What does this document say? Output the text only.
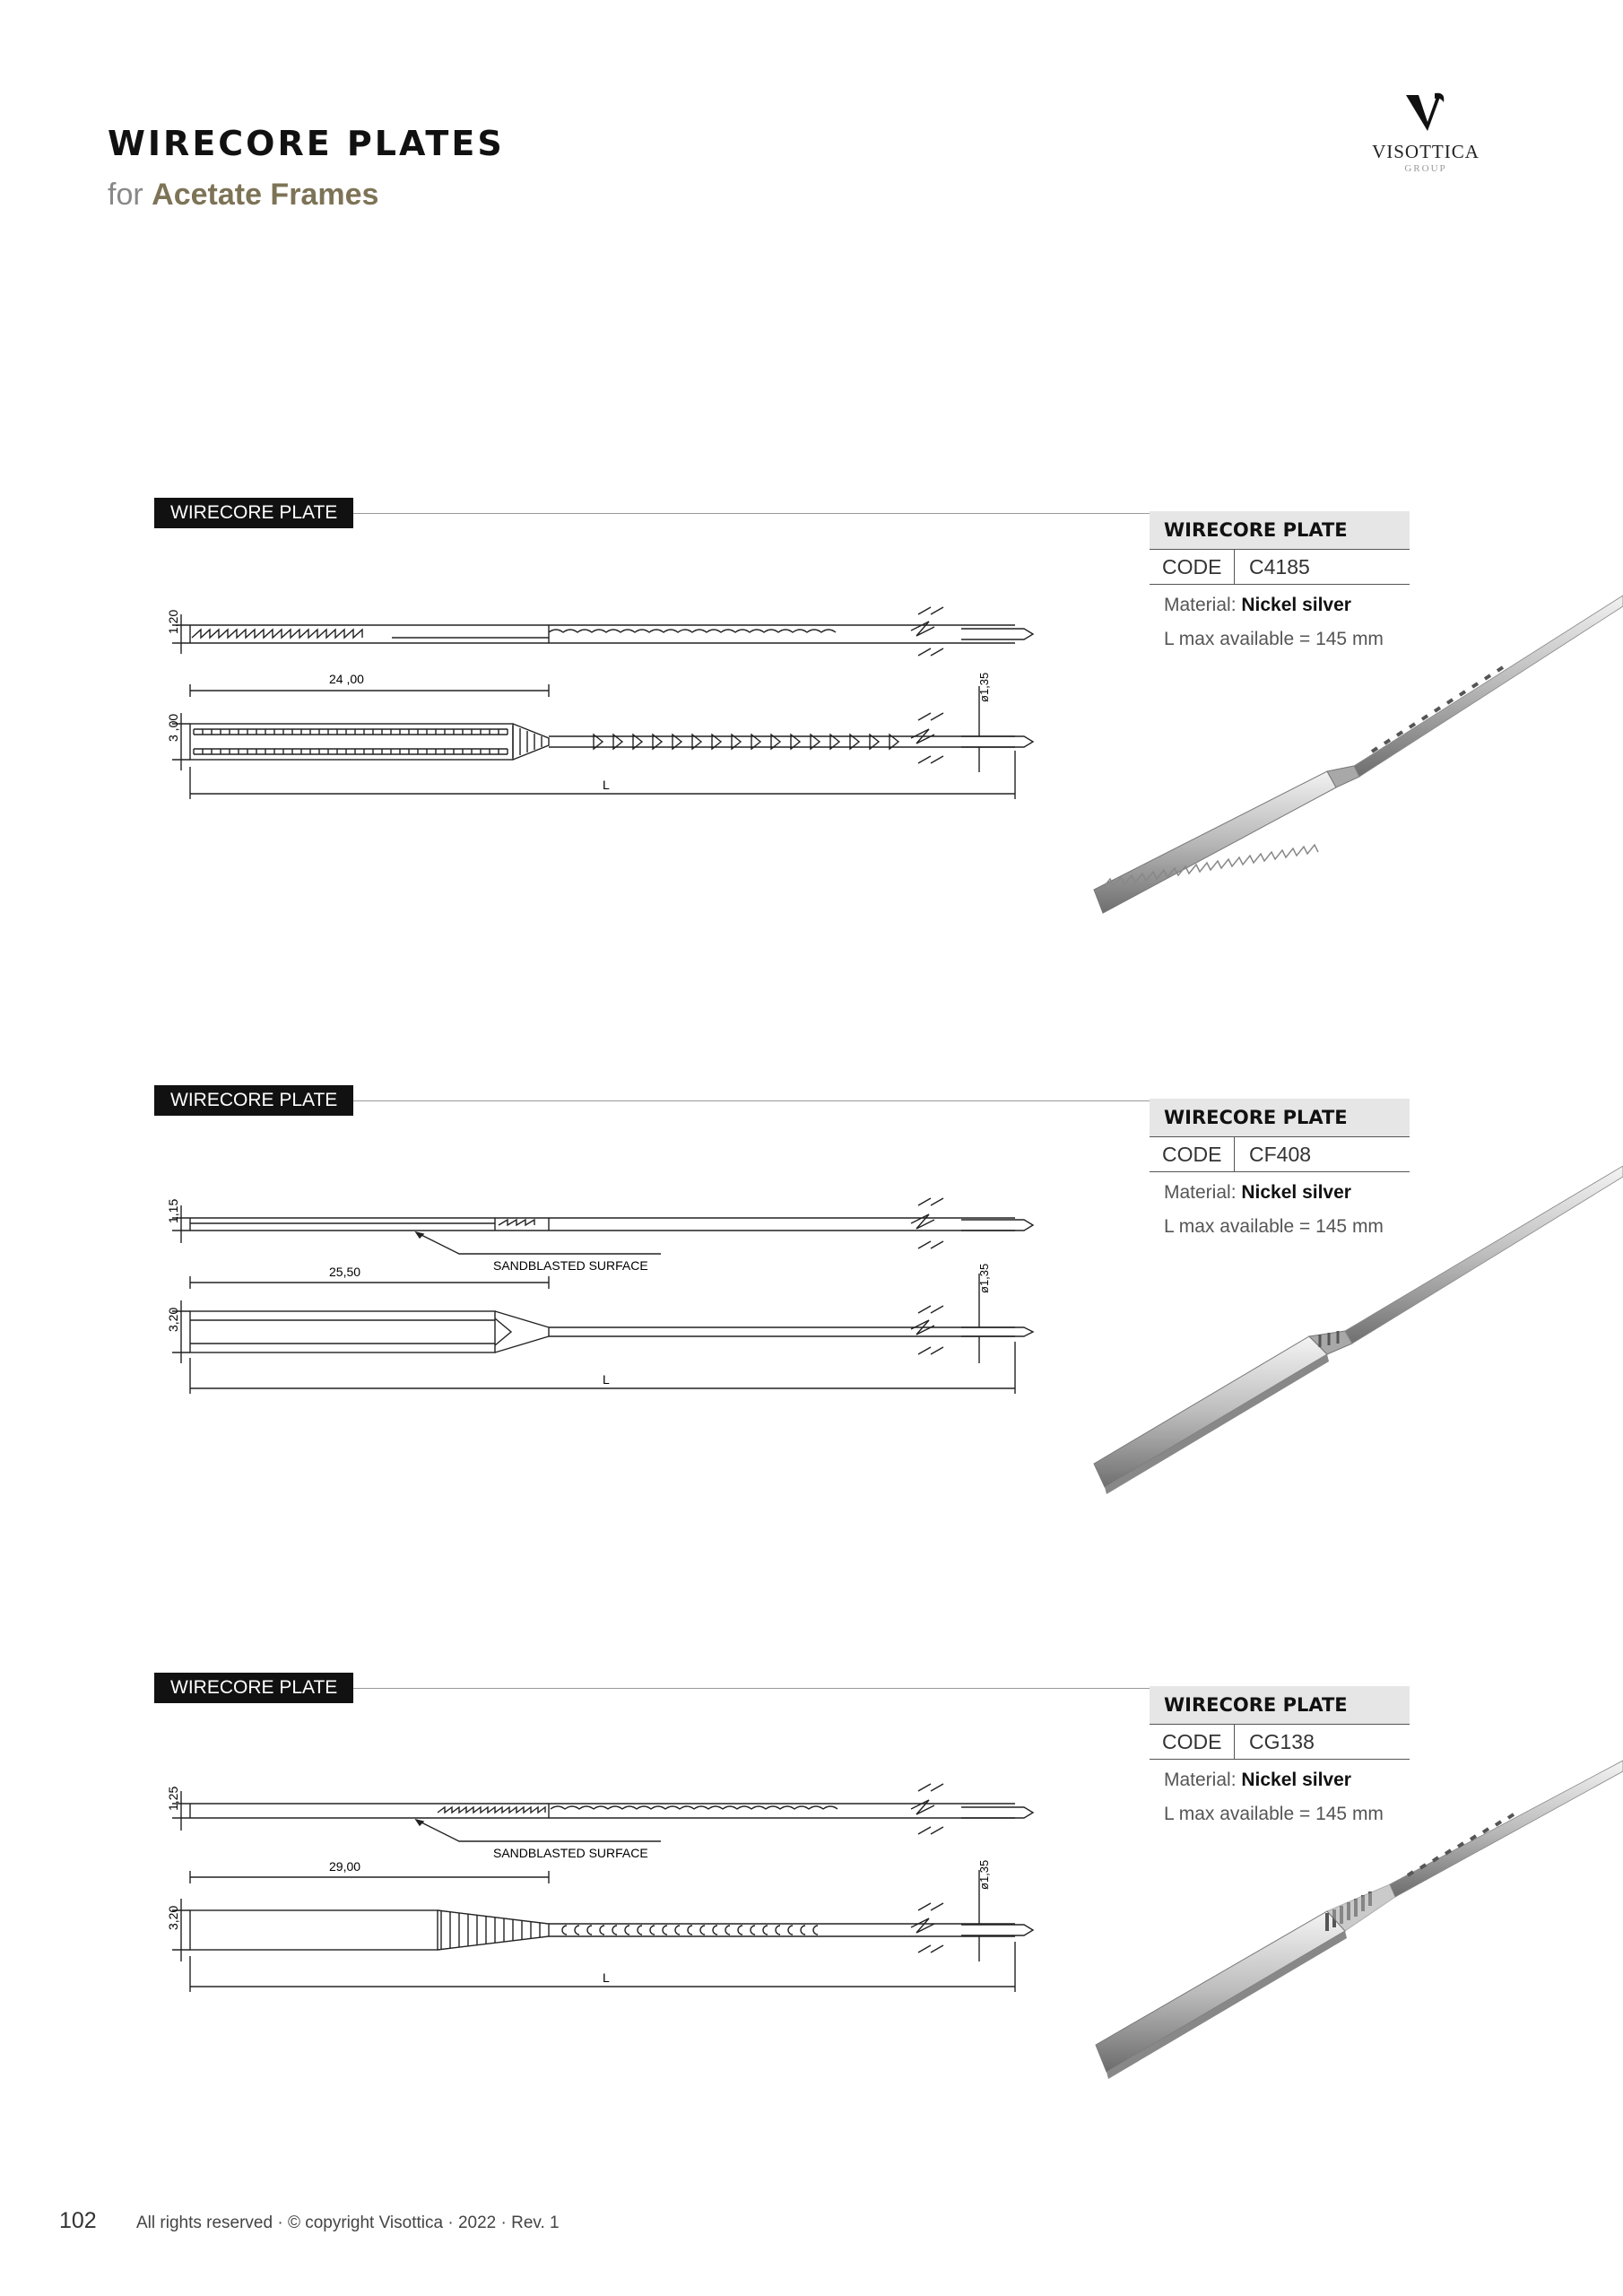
WIRECORE PLATES
for Acetate Frames
VISOTTICA
GROUP
WIRECORE PLATE
1,20
24 ,00
3 ,00
ø1,35
L
WIRECORE PLATE
CODE	C4185
Material: Nickel silver
L max available = 145 mm
WIRECORE PLATE
1,15
SANDBLASTED SURFACE
25,50
3,20
ø1,35
L
WIRECORE PLATE
CODE	CF408
Material: Nickel silver
L max available = 145 mm
WIRECORE PLATE
1,25
SANDBLASTED SURFACE
29,00
3,20
ø1,35
L
WIRECORE PLATE
CODE	CG138
Material: Nickel silver
L max available = 145 mm
102 All rights reserved · © copyright Visottica · 2022 · Rev. 1
